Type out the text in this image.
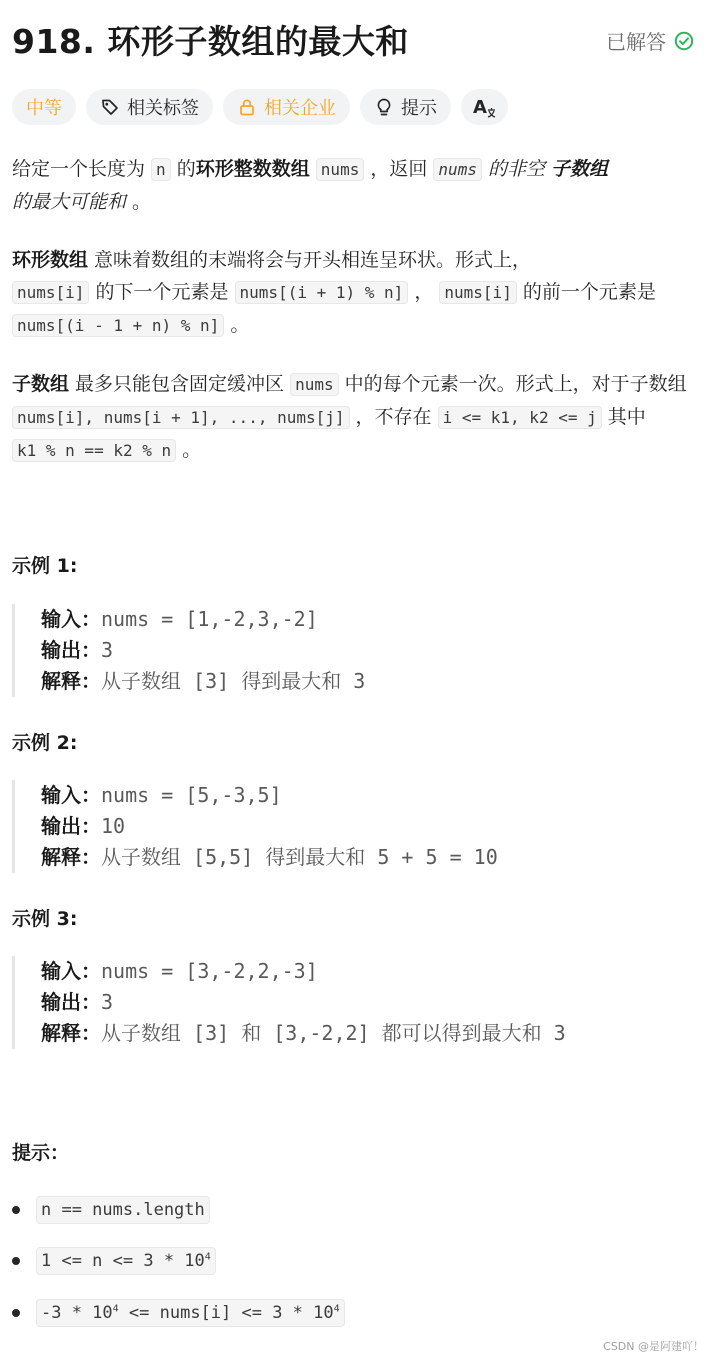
918. 环形子数组的最大和	已解答
中等	相关标签	相关企业	提示 A
给定一个长度为 n 的环形整数数组 nums ，返回 nums 的非空 子数组
的最大可能和 。
环形数组 意味着数组的末端将会与开头相连呈环状。形式上，
nums[i] 的下一个元素是 nums[(i + 1) % n] ， nums[i] 的前一个元素是 nums[(i - 1 + n) % n] 。
子数组 最多只能包含固定缓冲区 nums 中的每个元素一次。形式上，对于子数组
nums[i], nums[i + 1], ..., nums[j] ，不存在 i <= k1, k2 <= j 其中 k1 % n == k2 % n 。
示例 1:
输入：nums = [1,-2,3,-2]
输出：3
解释：从子数组 [3] 得到最大和 3
示例 2:
输入：nums = [5,-3,5]
输出：10
解释：从子数组 [5,5] 得到最大和 5 + 5 = 10
示例 3:
输入：nums = [3,-2,2,-3]
输出：3
解释：从子数组 [3] 和 [3,-2,2] 都可以得到最大和 3
提示：
n == nums.length
$1 <= n <= 3 * 10^4$
$-3 * 10^4$ <= nums[i] <= $3 * 10^4$
CSDN @是阿建吖！
